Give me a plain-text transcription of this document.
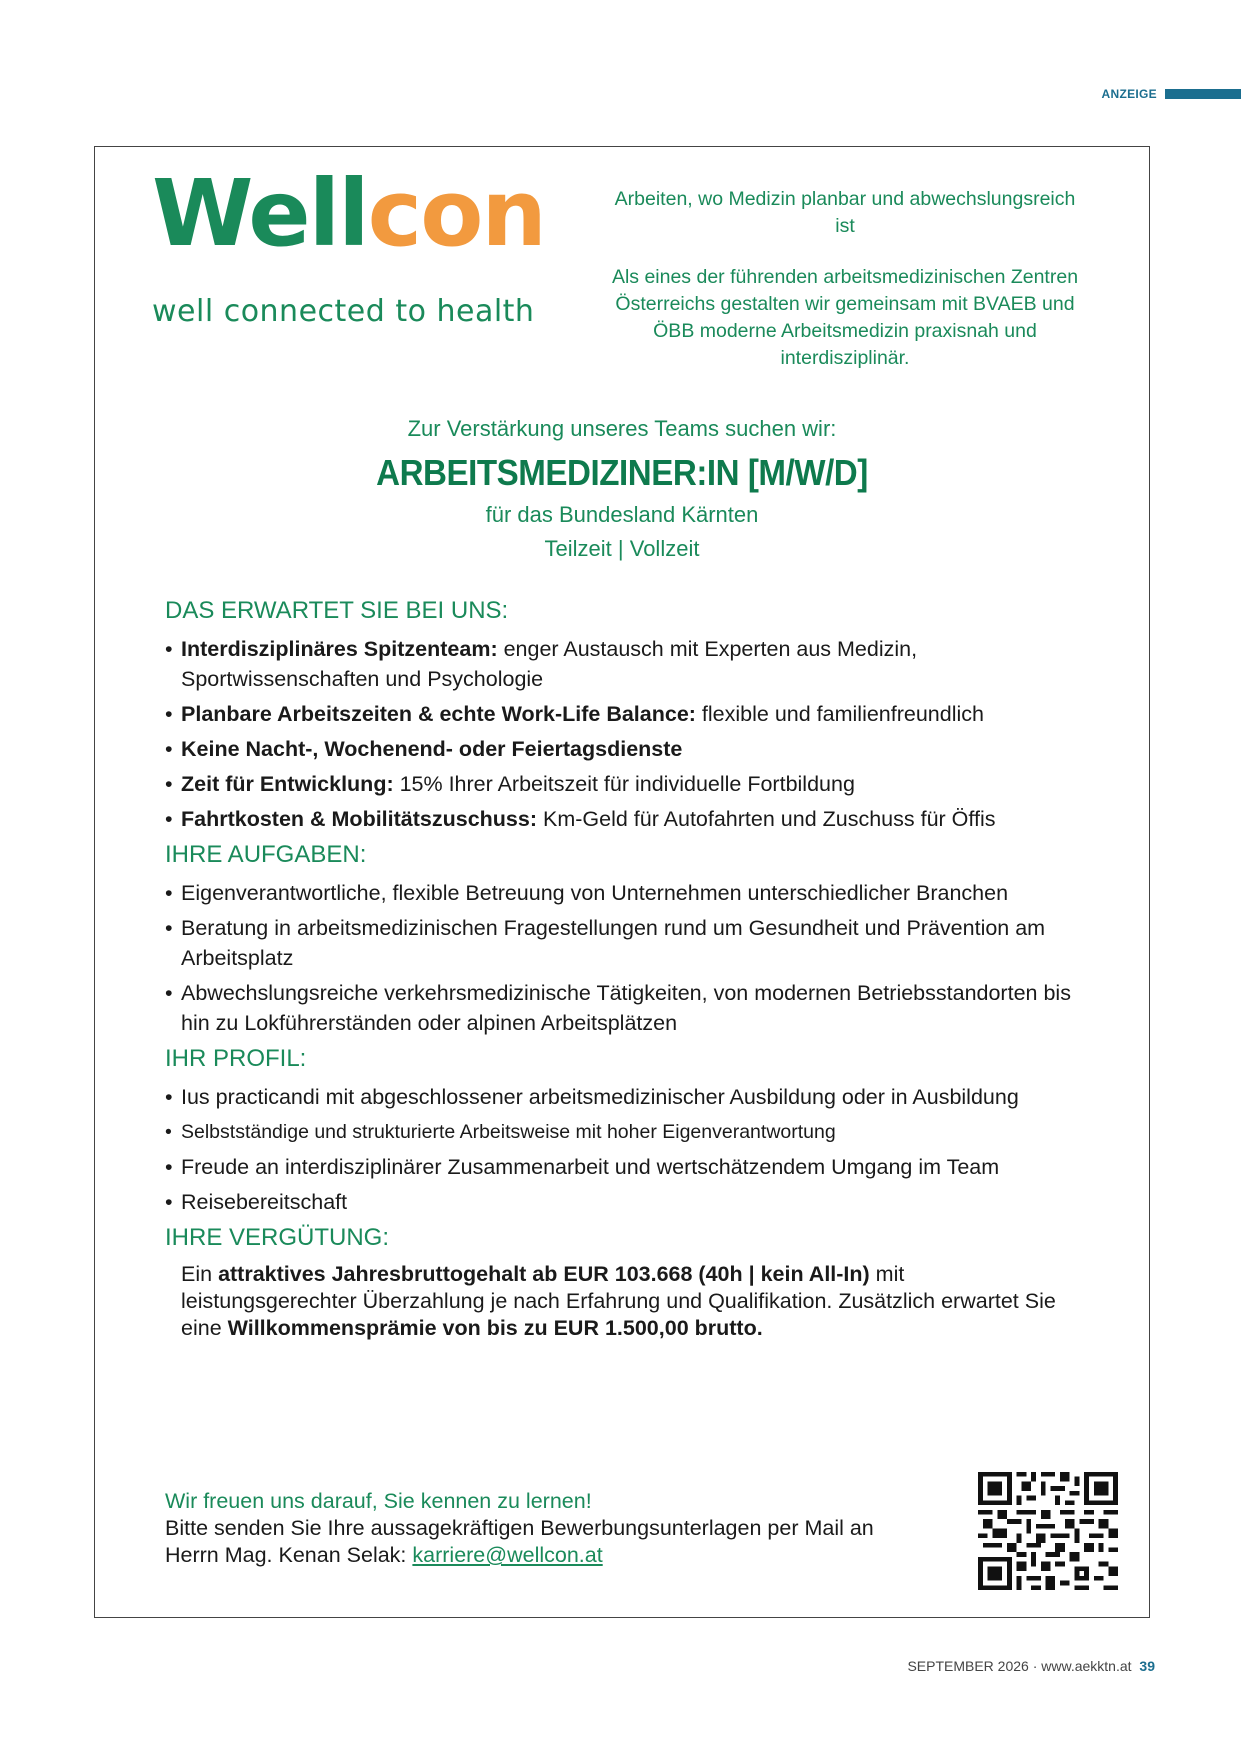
ANZEIGE
Wellcon
well connected to health

Arbeiten, wo Medizin planbar und abwechslungsreich ist

Als eines der führenden arbeitsmedizinischen Zentren Österreichs gestalten wir gemeinsam mit BVAEB und ÖBB moderne Arbeitsmedizin praxisnah und interdisziplinär.

Zur Verstärkung unseres Teams suchen wir:
ARBEITSMEDIZINER:IN [M/W/D]
für das Bundesland Kärnten
Teilzeit | Vollzeit
DAS ERWARTET SIE BEI UNS:
• Interdisziplinäres Spitzenteam: enger Austausch mit Experten aus Medizin, Sportwissenschaften und Psychologie
• Planbare Arbeitszeiten & echte Work-Life Balance: flexible und familienfreundlich
• Keine Nacht-, Wochenend- oder Feiertagsdienste
• Zeit für Entwicklung: 15% Ihrer Arbeitszeit für individuelle Fortbildung
• Fahrtkosten & Mobilitätszuschuss: Km-Geld für Autofahrten und Zuschuss für Öffis
IHRE AUFGABEN:
• Eigenverantwortliche, flexible Betreuung von Unternehmen unterschiedlicher Branchen
• Beratung in arbeitsmedizinischen Fragestellungen rund um Gesundheit und Prävention am Arbeitsplatz
• Abwechslungsreiche verkehrsmedizinische Tätigkeiten, von modernen Betriebsstandorten bis hin zu Lokführerständen oder alpinen Arbeitsplätzen
IHR PROFIL:
• Ius practicandi mit abgeschlossener arbeitsmedizinischer Ausbildung oder in Ausbildung
• Selbstständige und strukturierte Arbeitsweise mit hoher Eigenverantwortung
• Freude an interdisziplinärer Zusammenarbeit und wertschätzendem Umgang im Team
• Reisebereitschaft
IHRE VERGÜTUNG:
Ein attraktives Jahresbruttogehalt ab EUR 103.668 (40h | kein All-In) mit leistungsgerechter Überzahlung je nach Erfahrung und Qualifikation. Zusätzlich erwartet Sie eine Willkommensprämie von bis zu EUR 1.500,00 brutto.
Wir freuen uns darauf, Sie kennen zu lernen!
Bitte senden Sie Ihre aussagekräftigen Bewerbungsunterlagen per Mail an
Herrn Mag. Kenan Selak: karriere@wellcon.at
SEPTEMBER 2026 · www.aekktn.at 39
